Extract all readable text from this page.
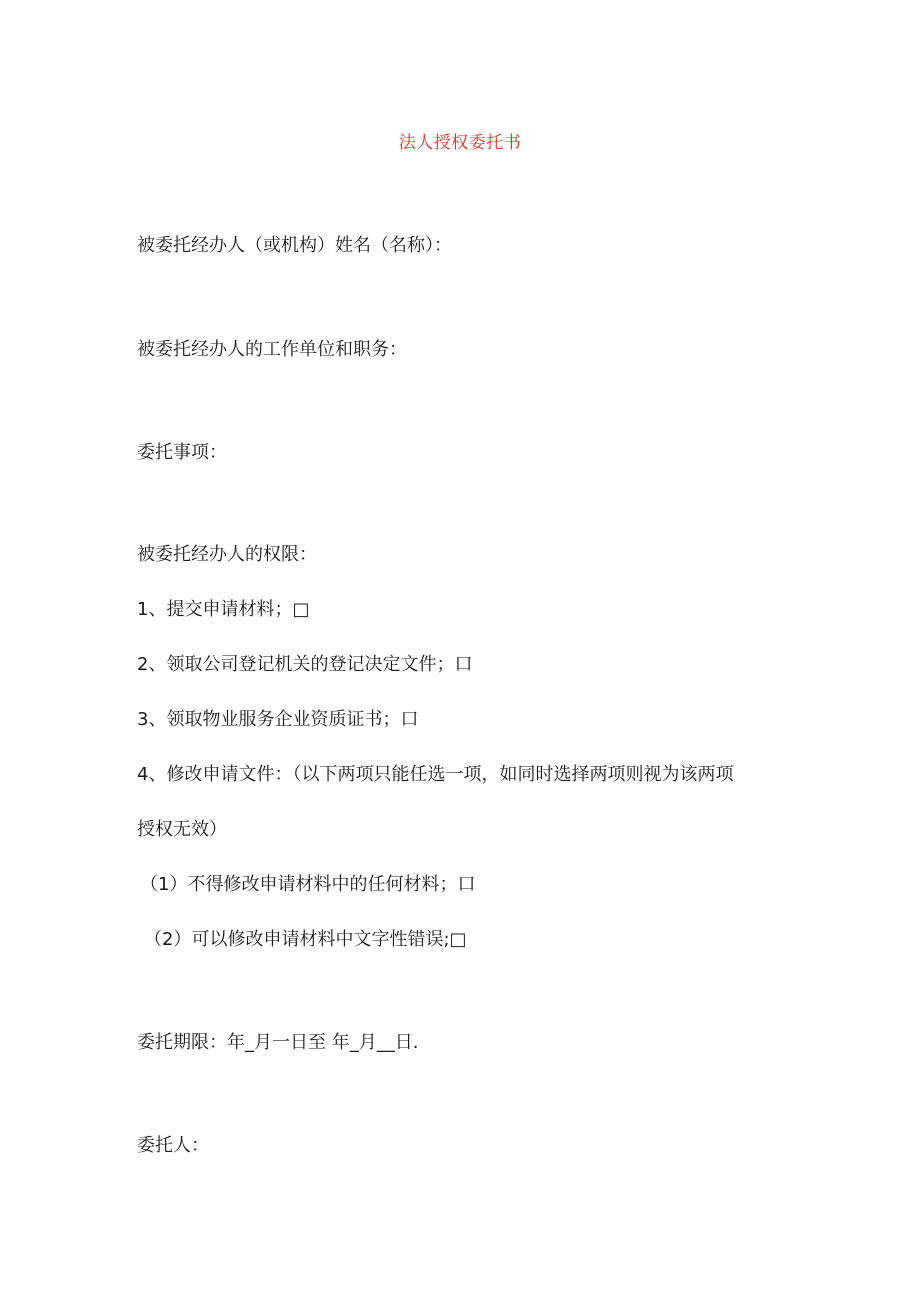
法人授权委托书
被委托经办人（或机构）姓名（名称）：
被委托经办人的工作单位和职务：
委托事项：
被委托经办人的权限：
1、提交申请材料；□
2、领取公司登记机关的登记决定文件；口
3、领取物业服务企业资质证书；口
4、修改申请文件：（以下两项只能任选一项，如同时选择两项则视为该两项
授权无效）
（1）不得修改申请材料中的任何材料；口
（2）可以修改申请材料中文字性错误;□
委托期限：年_月一日至 年_月__日.
委托人：
